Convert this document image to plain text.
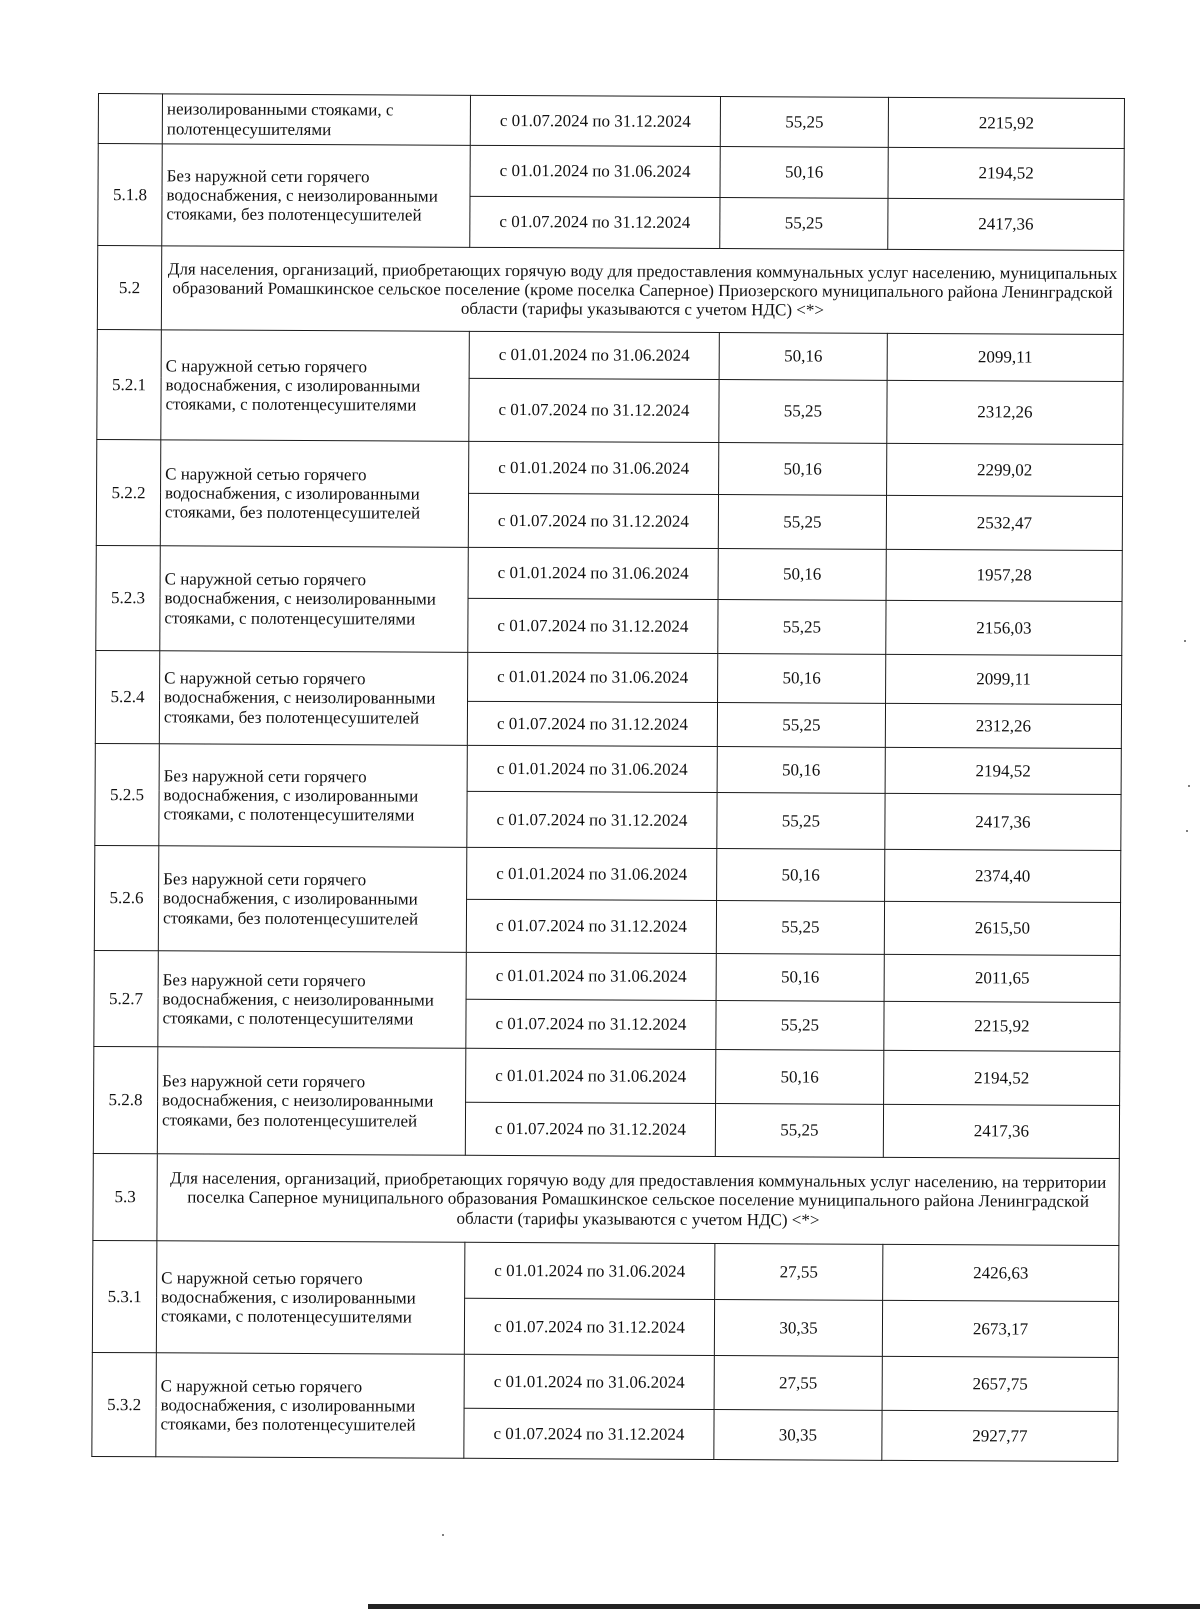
	неизолированными стояками, с полотенцесушителями	с 01.07.2024 по 31.12.2024	55,25	2215,92
5.1.8	Без наружной сети горячего водоснабжения, с неизолированными стояками, без полотенцесушителей	с 01.01.2024 по 31.06.2024	50,16	2194,52
		с 01.07.2024 по 31.12.2024	55,25	2417,36
5.2	Для населения, организаций, приобретающих горячую воду для предоставления коммунальных услуг населению, муниципальных образований Ромашкинское сельское поселение (кроме поселка Саперное) Приозерского муниципального района Ленинградской области (тарифы указываются с учетом НДС) <*>			
5.2.1	С наружной сетью горячего водоснабжения, с изолированными стояками, с полотенцесушителями	с 01.01.2024 по 31.06.2024	50,16	2099,11
		с 01.07.2024 по 31.12.2024	55,25	2312,26
5.2.2	С наружной сетью горячего водоснабжения, с изолированными стояками, без полотенцесушителей	с 01.01.2024 по 31.06.2024	50,16	2299,02
		с 01.07.2024 по 31.12.2024	55,25	2532,47
5.2.3	С наружной сетью горячего водоснабжения, с неизолированными стояками, с полотенцесушителями	с 01.01.2024 по 31.06.2024	50,16	1957,28
		с 01.07.2024 по 31.12.2024	55,25	2156,03
5.2.4	С наружной сетью горячего водоснабжения, с неизолированными стояками, без полотенцесушителей	с 01.01.2024 по 31.06.2024	50,16	2099,11
		с 01.07.2024 по 31.12.2024	55,25	2312,26
5.2.5	Без наружной сети горячего водоснабжения, с изолированными стояками, с полотенцесушителями	с 01.01.2024 по 31.06.2024	50,16	2194,52
		с 01.07.2024 по 31.12.2024	55,25	2417,36
5.2.6	Без наружной сети горячего водоснабжения, с изолированными стояками, без полотенцесушителей	с 01.01.2024 по 31.06.2024	50,16	2374,40
		с 01.07.2024 по 31.12.2024	55,25	2615,50
5.2.7	Без наружной сети горячего водоснабжения, с неизолированными стояками, с полотенцесушителями	с 01.01.2024 по 31.06.2024	50,16	2011,65
		с 01.07.2024 по 31.12.2024	55,25	2215,92
5.2.8	Без наружной сети горячего водоснабжения, с неизолированными стояками, без полотенцесушителей	с 01.01.2024 по 31.06.2024	50,16	2194,52
		с 01.07.2024 по 31.12.2024	55,25	2417,36
5.3	Для населения, организаций, приобретающих горячую воду для предоставления коммунальных услуг населению, на территории поселка Саперное муниципального образования Ромашкинское сельское поселение муниципального района Ленинградской области (тарифы указываются с учетом НДС) <*>			
5.3.1	С наружной сетью горячего водоснабжения, с изолированными стояками, с полотенцесушителями	с 01.01.2024 по 31.06.2024	27,55	2426,63
		с 01.07.2024 по 31.12.2024	30,35	2673,17
5.3.2	С наружной сетью горячего водоснабжения, с изолированными стояками, без полотенцесушителей	с 01.01.2024 по 31.06.2024	27,55	2657,75
		с 01.07.2024 по 31.12.2024	30,35	2927,77
